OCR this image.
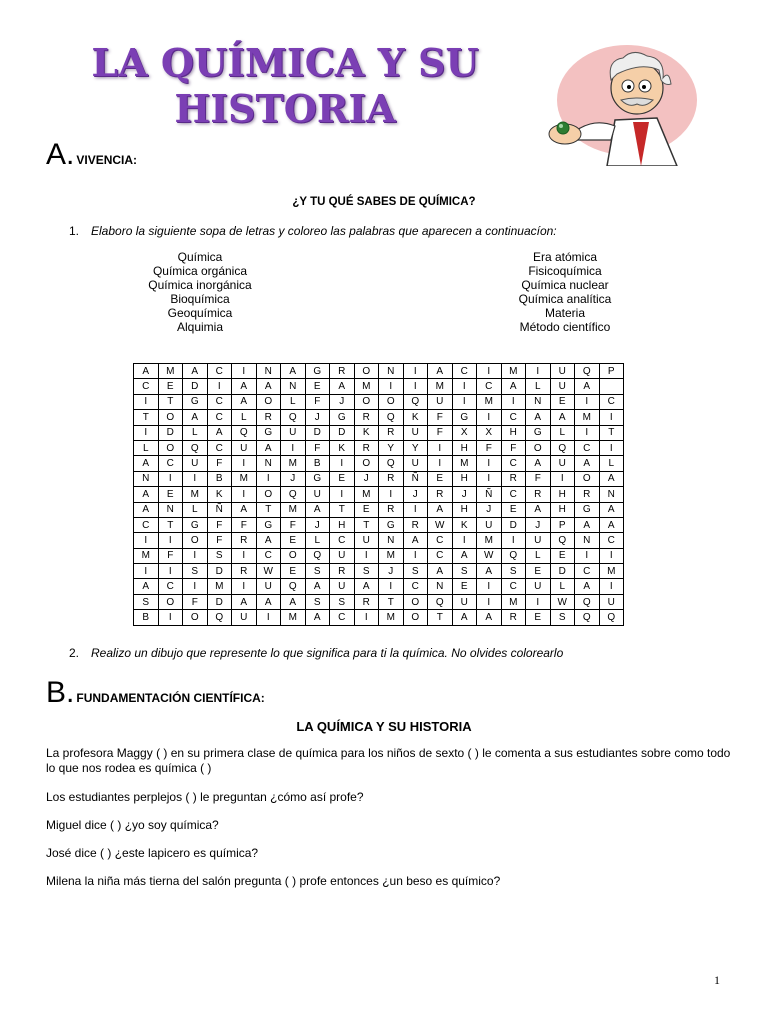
LA QUÍMICA Y SU
HISTORIA
A. VIVENCIA:
¿Y TU QUÉ SABES DE QUÍMICA?
1. Elaboro la siguiente sopa de letras y coloreo las palabras que aparecen a continuacíon:
Química
Química orgánica
Química inorgánica
Bioquímica
Geoquímica
Alquimia
Era atómica
Fisicoquímica
Química nuclear
Química analítica
Materia
Método científico
A	M	A	C	I	N	A	G	R	O	N	I	A	C	I	M	I	U	Q	P
C	E	D	I	A	A	N	E	A	M	I	I	M	I	C	A	L	U	A	
I	T	G	C	A	O	L	F	J	O	O	Q	U	I	M	I	N	E	I	C
T	O	A	C	L	R	Q	J	G	R	Q	K	F	G	I	C	A	A	M	I
I	D	L	A	Q	G	U	D	D	K	R	U	F	X	X	H	G	L	I	T
L	O	Q	C	U	A	I	F	K	R	Y	Y	I	H	F	F	O	Q	C	I
A	C	U	F	I	N	M	B	I	O	Q	U	I	M	I	C	A	U	A	L
N	I	I	B	M	I	J	G	E	J	R	Ñ	E	H	I	R	F	I	O	A
A	E	M	K	I	O	Q	U	I	M	I	J	R	J	Ñ	C	R	H	R	N
A	N	L	Ñ	A	T	M	A	T	E	R	I	A	H	J	E	A	H	G	A
C	T	G	F	F	G	F	J	H	T	G	R	W	K	U	D	J	P	A	A
I	I	O	F	R	A	E	L	C	U	N	A	C	I	M	I	U	Q	N	C
M	F	I	S	I	C	O	Q	U	I	M	I	C	A	W	Q	L	E	I	I
I	I	S	D	R	W	E	S	R	S	J	S	A	S	A	S	E	D	C	M
A	C	I	M	I	U	Q	A	U	A	I	C	N	E	I	C	U	L	A	I
S	O	F	D	A	A	A	S	S	R	T	O	Q	U	I	M	I	W	Q	U
B	I	O	Q	U	I	M	A	C	I	M	O	T	A	A	R	E	S	Q	Q
2. Realizo un dibujo que represente lo que significa para ti la química. No olvides colorearlo
B. FUNDAMENTACIÓN CIENTÍFICA:
LA QUÍMICA Y SU HISTORIA
La profesora Maggy ( ) en su primera clase de química para los niños de sexto ( ) le comenta a sus estudiantes sobre como todo lo que nos rodea es química ( )
Los estudiantes perplejos ( ) le preguntan ¿cómo así profe?
Miguel dice ( ) ¿yo soy química?
José dice ( ) ¿este lapicero es química?
Milena la niña más tierna del salón pregunta ( ) profe entonces ¿un beso es químico?
1
